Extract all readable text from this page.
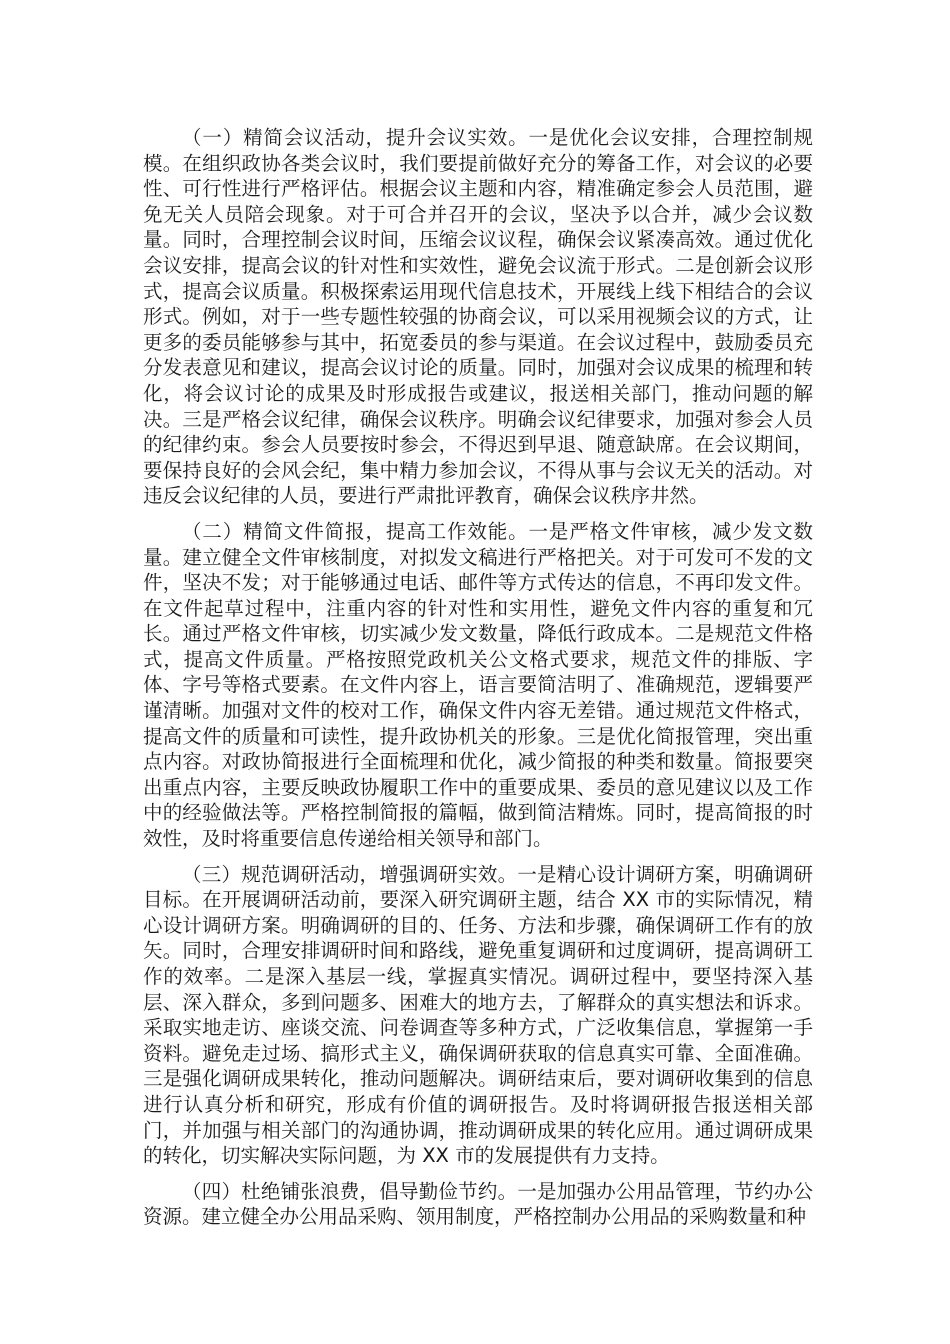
（一）精简会议活动，提升会议实效。一是优化会议安排，合理控制规模。在组织政协各类会议时，我们要提前做好充分的筹备工作，对会议的必要性、可行性进行严格评估。根据会议主题和内容，精准确定参会人员范围，避免无关人员陪会现象。对于可合并召开的会议，坚决予以合并，减少会议数量。同时，合理控制会议时间，压缩会议议程，确保会议紧凑高效。通过优化会议安排，提高会议的针对性和实效性，避免会议流于形式。二是创新会议形式，提高会议质量。积极探索运用现代信息技术，开展线上线下相结合的会议形式。例如，对于一些专题性较强的协商会议，可以采用视频会议的方式，让更多的委员能够参与其中，拓宽委员的参与渠道。在会议过程中，鼓励委员充分发表意见和建议，提高会议讨论的质量。同时，加强对会议成果的梳理和转化，将会议讨论的成果及时形成报告或建议，报送相关部门，推动问题的解决。三是严格会议纪律，确保会议秩序。明确会议纪律要求，加强对参会人员的纪律约束。参会人员要按时参会，不得迟到早退、随意缺席。在会议期间，要保持良好的会风会纪，集中精力参加会议，不得从事与会议无关的活动。对违反会议纪律的人员，要进行严肃批评教育，确保会议秩序井然。

（二）精简文件简报，提高工作效能。一是严格文件审核，减少发文数量。建立健全文件审核制度，对拟发文稿进行严格把关。对于可发可不发的文件，坚决不发；对于能够通过电话、邮件等方式传达的信息，不再印发文件。在文件起草过程中，注重内容的针对性和实用性，避免文件内容的重复和冗长。通过严格文件审核，切实减少发文数量，降低行政成本。二是规范文件格式，提高文件质量。严格按照党政机关公文格式要求，规范文件的排版、字体、字号等格式要素。在文件内容上，语言要简洁明了、准确规范，逻辑要严谨清晰。加强对文件的校对工作，确保文件内容无差错。通过规范文件格式，提高文件的质量和可读性，提升政协机关的形象。三是优化简报管理，突出重点内容。对政协简报进行全面梳理和优化，减少简报的种类和数量。简报要突出重点内容，主要反映政协履职工作中的重要成果、委员的意见建议以及工作中的经验做法等。严格控制简报的篇幅，做到简洁精炼。同时，提高简报的时效性，及时将重要信息传递给相关领导和部门。

（三）规范调研活动，增强调研实效。一是精心设计调研方案，明确调研目标。在开展调研活动前，要深入研究调研主题，结合 XX 市的实际情况，精心设计调研方案。明确调研的目的、任务、方法和步骤，确保调研工作有的放矢。同时，合理安排调研时间和路线，避免重复调研和过度调研，提高调研工作的效率。二是深入基层一线，掌握真实情况。调研过程中，要坚持深入基层、深入群众，多到问题多、困难大的地方去，了解群众的真实想法和诉求。采取实地走访、座谈交流、问卷调查等多种方式，广泛收集信息，掌握第一手资料。避免走过场、搞形式主义，确保调研获取的信息真实可靠、全面准确。三是强化调研成果转化，推动问题解决。调研结束后，要对调研收集到的信息进行认真分析和研究，形成有价值的调研报告。及时将调研报告报送相关部门，并加强与相关部门的沟通协调，推动调研成果的转化应用。通过调研成果的转化，切实解决实际问题，为 XX 市的发展提供有力支持。

（四）杜绝铺张浪费，倡导勤俭节约。一是加强办公用品管理，节约办公资源。建立健全办公用品采购、领用制度，严格控制办公用品的采购数量和种
